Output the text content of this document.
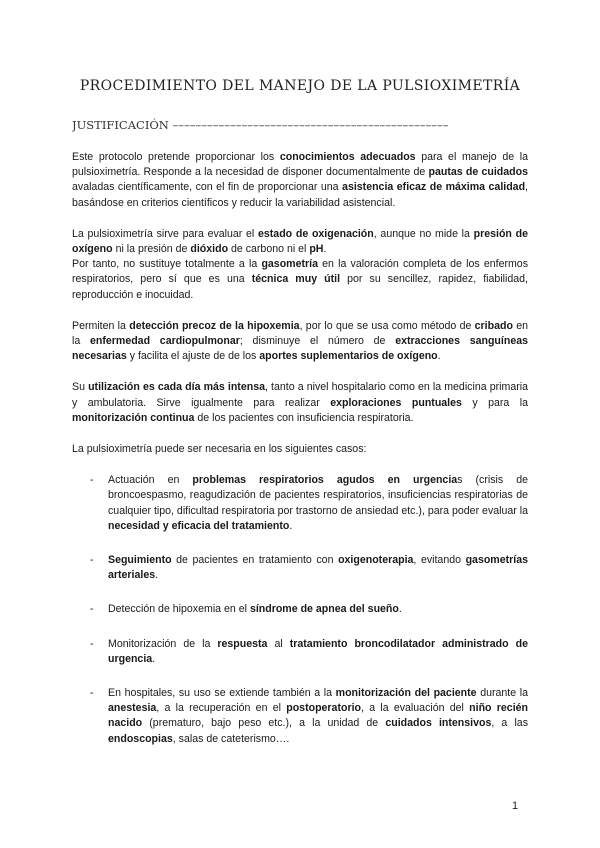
PROCEDIMIENTO DEL MANEJO DE LA PULSIOXIMETRÍA
JUSTIFICACIÓN ––––––––––––––––––––––––––––––––––––––––––––––––

Este protocolo pretende proporcionar los conocimientos adecuados para el manejo de la pulsioximetría. Responde a la necesidad de disponer documentalmente de pautas de cuidados avaladas científicamente, con el fin de proporcionar una asistencia eficaz de máxima calidad, basándose en criterios científicos y reducir la variabilidad asistencial.

La pulsioximetría sirve para evaluar el estado de oxigenación, aunque no mide la presión de oxígeno ni la presión de dióxido de carbono ni el pH.

Por tanto, no sustituye totalmente a la gasometría en la valoración completa de los enfermos respiratorios, pero sí que es una técnica muy útil por su sencillez, rapidez, fiabilidad, reproducción e inocuidad.

Permiten la detección precoz de la hipoxemia, por lo que se usa como método de cribado en la enfermedad cardiopulmonar; disminuye el número de extracciones sanguíneas necesarias y facilita el ajuste de de los aportes suplementarios de oxígeno.

Su utilización es cada día más intensa, tanto a nivel hospitalario como en la medicina primaria y ambulatoria. Sirve igualmente para realizar exploraciones puntuales y para la monitorización continua de los pacientes con insuficiencia respiratoria.

La pulsioximetría puede ser necesaria en los siguientes casos:

- Actuación en problemas respiratorios agudos en urgencias (crisis de broncoespasmo, reagudización de pacientes respiratorios, insuficiencias respiratorias de cualquier tipo, dificultad respiratoria por trastorno de ansiedad etc.), para poder evaluar la necesidad y eficacia del tratamiento.
- Seguimiento de pacientes en tratamiento con oxigenoterapia, evitando gasometrías arteriales.
- Detección de hipoxemia en el síndrome de apnea del sueño.
- Monitorización de la respuesta al tratamiento broncodilatador administrado de urgencia.
- En hospitales, su uso se extiende también a la monitorización del paciente durante la anestesia, a la recuperación en el postoperatorio, a la evaluación del niño recién nacido (prematuro, bajo peso etc.), a la unidad de cuidados intensivos, a las endoscopias, salas de cateterismo….
1
